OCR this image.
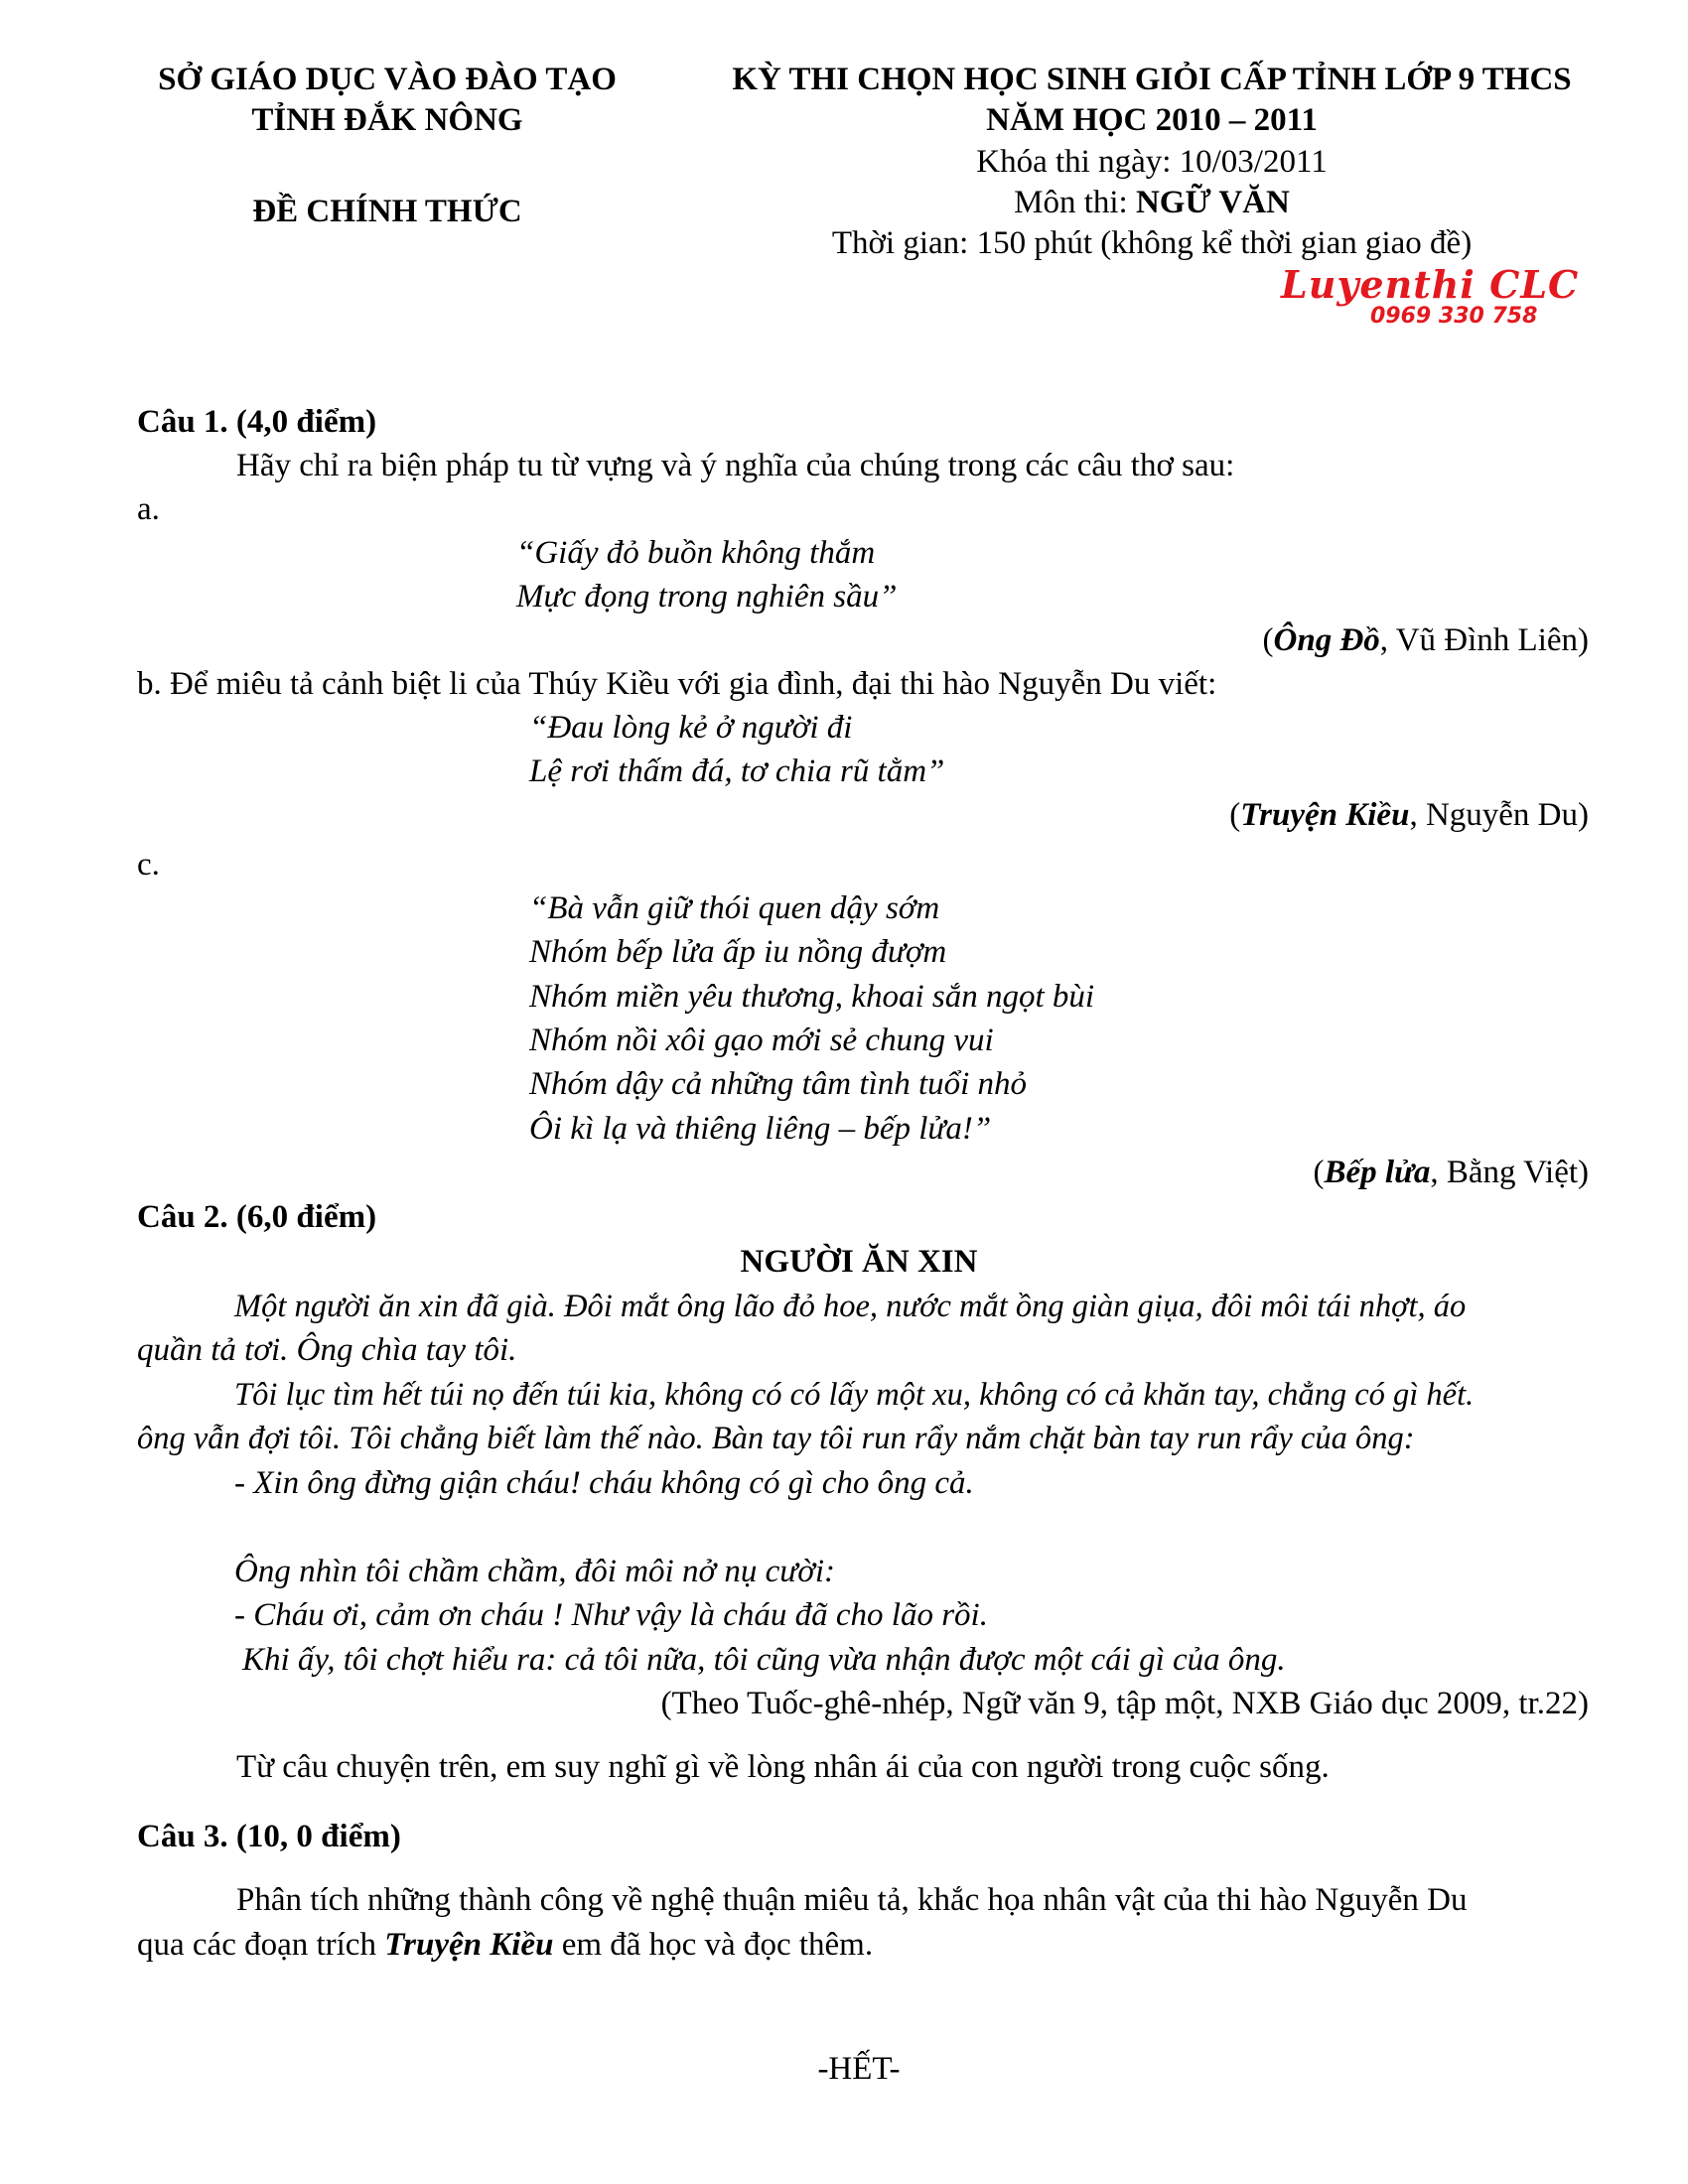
SỞ GIÁO DỤC VÀO ĐÀO TẠO
TỈNH ĐẮK NÔNG
ĐỀ CHÍNH THỨC
KỲ THI CHỌN HỌC SINH GIỎI CẤP TỈNH LỚP 9 THCS
NĂM HỌC 2010 – 2011
Khóa thi ngày: 10/03/2011
Môn thi: NGỮ VĂN
Thời gian: 150 phút (không kể thời gian giao đề)
Luyenthi CLC
0969 330 758
Câu 1. (4,0 điểm)
Hãy chỉ ra biện pháp tu từ vựng và ý nghĩa của chúng trong các câu thơ sau:
a.
“Giấy đỏ buồn không thắm
Mực đọng trong nghiên sầu”
(Ông Đồ, Vũ Đình Liên)
b. Để miêu tả cảnh biệt li của Thúy Kiều với gia đình, đại thi hào Nguyễn Du viết:
“Đau lòng kẻ ở người đi
Lệ rơi thấm đá, tơ chia rũ tằm”
(Truyện Kiều, Nguyễn Du)
c.
“Bà vẫn giữ thói quen dậy sớm
Nhóm bếp lửa ấp iu nồng đượm
Nhóm miền yêu thương, khoai sắn ngọt bùi
Nhóm nồi xôi gạo mới sẻ chung vui
Nhóm dậy cả những tâm tình tuổi nhỏ
Ôi kì lạ và thiêng liêng – bếp lửa!”
(Bếp lửa, Bằng Việt)
Câu 2. (6,0 điểm)
NGƯỜI ĂN XIN
Một người ăn xin đã già. Đôi mắt ông lão đỏ hoe, nước mắt ồng giàn giụa, đôi môi tái nhợt, áo
quần tả tơi. Ông chìa tay tôi.
Tôi lục tìm hết túi nọ đến túi kia, không có có lấy một xu, không có cả khăn tay, chẳng có gì hết.
ông vẫn đợi tôi. Tôi chẳng biết làm thế nào. Bàn tay tôi run rẩy nắm chặt bàn tay run rẩy của ông:
- Xin ông đừng giận cháu! cháu không có gì cho ông cả.
Ông nhìn tôi chầm chầm, đôi môi nở nụ cười:
- Cháu ơi, cảm ơn cháu ! Như vậy là cháu đã cho lão rồi.
Khi ấy, tôi chợt hiểu ra: cả tôi nữa, tôi cũng vừa nhận được một cái gì của ông.
(Theo Tuốc-ghê-nhép, Ngữ văn 9, tập một, NXB Giáo dục 2009, tr.22)
Từ câu chuyện trên, em suy nghĩ gì về lòng nhân ái của con người trong cuộc sống.
Câu 3. (10, 0 điểm)
Phân tích những thành công về nghệ thuận miêu tả, khắc họa nhân vật của thi hào Nguyễn Du
qua các đoạn trích Truyện Kiều em đã học và đọc thêm.
-HẾT-
